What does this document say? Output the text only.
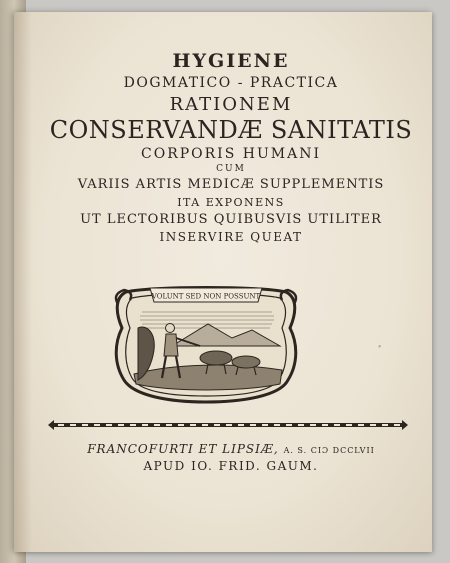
HYGIENE
DOGMATICO - PRACTICA
RATIONEM
CONSERVANDÆ SANITATIS
CORPORIS HUMANI
CUM
VARIIS ARTIS MEDICÆ SUPPLEMENTIS
ITA EXPONENS
UT LECTORIBUS QUIBUSVIS UTILITER
INSERVIRE QUEAT
VOLUNT SED NON POSSUNT
FRANCOFURTI ET LIPSIÆ, A. S. CIƆ DCCLVII
APUD IO. FRID. GAUM.
ﾞ
